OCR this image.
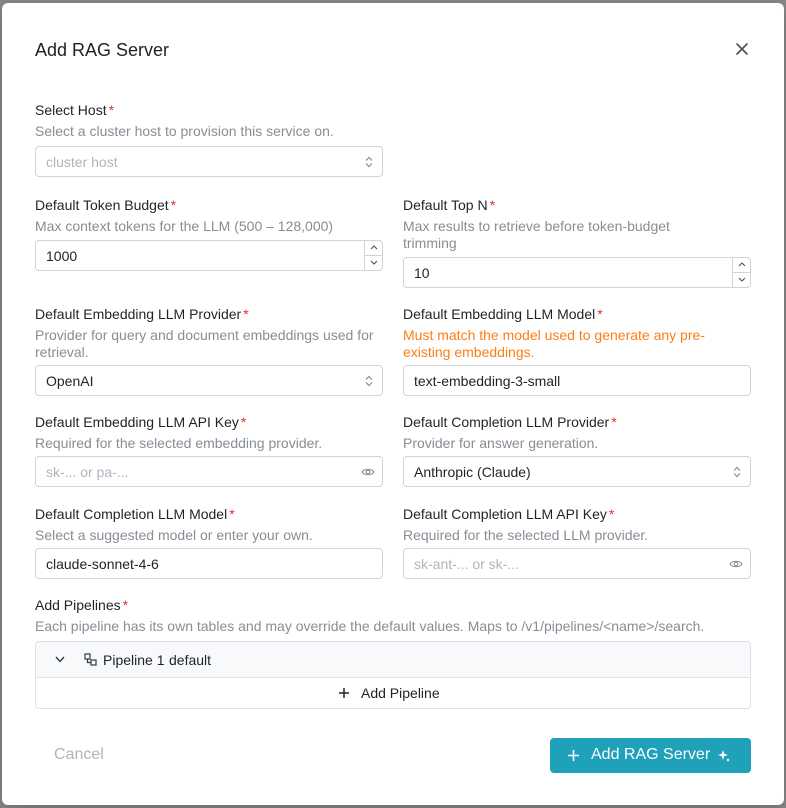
Add RAG Server
Select Host *
Select a cluster host to provision this service on.
cluster host
Default Token Budget *
Max context tokens for the LLM (500 – 128,000)
1000
Default Top N *
Max results to retrieve before token-budget trimming
10
Default Embedding LLM Provider *
Provider for query and document embeddings used for retrieval.
OpenAI
Default Embedding LLM Model *
Must match the model used to generate any pre-existing embeddings.
text-embedding-3-small
Default Embedding LLM API Key *
Required for the selected embedding provider.
sk-... or pa-...
Default Completion LLM Provider *
Provider for answer generation.
Anthropic (Claude)
Default Completion LLM Model *
Select a suggested model or enter your own.
claude-sonnet-4-6
Default Completion LLM API Key *
Required for the selected LLM provider.
sk-ant-... or sk-...
Add Pipelines *
Each pipeline has its own tables and may override the default values. Maps to /v1/pipelines/<name>/search.
Pipeline 1 default
Add Pipeline
Cancel	Add RAG Server
